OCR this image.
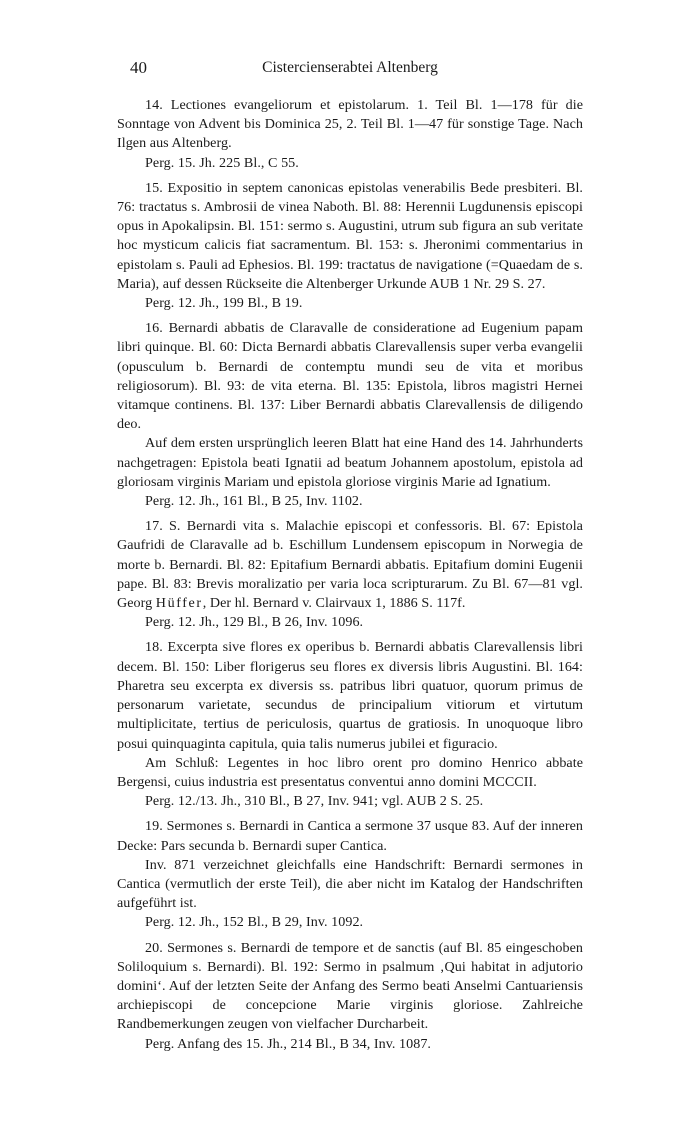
40	Cistercienserabtei Altenberg

14. Lectiones evangeliorum et epistolarum. 1. Teil Bl. 1—178 für die Sonntage von Advent bis Dominica 25, 2. Teil Bl. 1—47 für sonstige Tage. Nach Ilgen aus Altenberg.

Perg. 15. Jh. 225 Bl., C 55.

15. Expositio in septem canonicas epistolas venerabilis Bede presbiteri. Bl. 76: tractatus s. Ambrosii de vinea Naboth. Bl. 88: Herennii Lugdunensis episcopi opus in Apokalipsin. Bl. 151: sermo s. Augustini, utrum sub figura an sub veritate hoc mysticum calicis fiat sacramentum. Bl. 153: s. Jheronimi commentarius in epistolam s. Pauli ad Ephesios. Bl. 199: tractatus de navigatione (=Quaedam de s. Maria), auf dessen Rückseite die Altenberger Urkunde AUB 1 Nr. 29 S. 27.

Perg. 12. Jh., 199 Bl., B 19.

16. Bernardi abbatis de Claravalle de consideratione ad Eugenium papam libri quinque. Bl. 60: Dicta Bernardi abbatis Clarevallensis super verba evangelii (opusculum b. Bernardi de contemptu mundi seu de vita et moribus religiosorum). Bl. 93: de vita eterna. Bl. 135: Epistola, libros magistri Hernei vitamque continens. Bl. 137: Liber Bernardi abbatis Clarevallensis de diligendo deo.

Auf dem ersten ursprünglich leeren Blatt hat eine Hand des 14. Jahrhunderts nachgetragen: Epistola beati Ignatii ad beatum Johannem apostolum, epistola ad gloriosam virginis Mariam und epistola gloriose virginis Marie ad Ignatium.

Perg. 12. Jh., 161 Bl., B 25, Inv. 1102.

17. S. Bernardi vita s. Malachie episcopi et confessoris. Bl. 67: Epistola Gaufridi de Claravalle ad b. Eschillum Lundensem episcopum in Norwegia de morte b. Bernardi. Bl. 82: Epitafium Bernardi abbatis. Epitafium domini Eugenii pape. Bl. 83: Brevis moralizatio per varia loca scripturarum. Zu Bl. 67—81 vgl. Georg Hüffer, Der hl. Bernard v. Clairvaux 1, 1886 S. 117f.

Perg. 12. Jh., 129 Bl., B 26, Inv. 1096.

18. Excerpta sive flores ex operibus b. Bernardi abbatis Clarevallensis libri decem. Bl. 150: Liber florigerus seu flores ex diversis libris Augustini. Bl. 164: Pharetra seu excerpta ex diversis ss. patribus libri quatuor, quorum primus de personarum varietate, secundus de principalium vitiorum et virtutum multiplicitate, tertius de periculosis, quartus de gratiosis. In unoquoque libro posui quinquaginta capitula, quia talis numerus jubilei et figuracio.

Am Schluß: Legentes in hoc libro orent pro domino Henrico abbate Bergensi, cuius industria est presentatus conventui anno domini MCCCII.

Perg. 12./13. Jh., 310 Bl., B 27, Inv. 941; vgl. AUB 2 S. 25.

19. Sermones s. Bernardi in Cantica a sermone 37 usque 83. Auf der inneren Decke: Pars secunda b. Bernardi super Cantica.

Inv. 871 verzeichnet gleichfalls eine Handschrift: Bernardi sermones in Cantica (vermutlich der erste Teil), die aber nicht im Katalog der Handschriften aufgeführt ist.

Perg. 12. Jh., 152 Bl., B 29, Inv. 1092.

20. Sermones s. Bernardi de tempore et de sanctis (auf Bl. 85 eingeschoben Soliloquium s. Bernardi). Bl. 192: Sermo in psalmum ‚Qui habitat in adjutorio domini‘. Auf der letzten Seite der Anfang des Sermo beati Anselmi Cantuariensis archiepiscopi de concepcione Marie virginis gloriose. Zahlreiche Randbemerkungen zeugen von vielfacher Durcharbeit.

Perg. Anfang des 15. Jh., 214 Bl., B 34, Inv. 1087.
